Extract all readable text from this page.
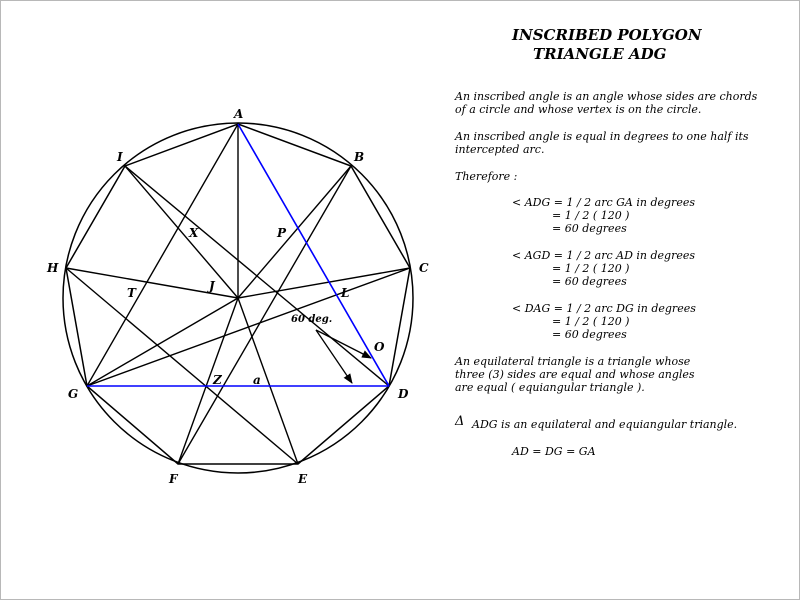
A
B
C
D
E
F
G
H
I
J
X	P
T	L
Z	a
O
60 deg.
INSCRIBED POLYGON
TRIANGLE ADG
An inscribed angle is an angle whose sides are chords
of a circle and whose vertex is on the circle.
An inscribed angle is equal in degrees to one half its
intercepted arc.
Therefore :
< ADG = 1 / 2 arc GA in degrees
= 1 / 2 ( 120 )
= 60 degrees
< AGD = 1 / 2 arc AD in degrees
= 1 / 2 ( 120 )
= 60 degrees
< DAG = 1 / 2 arc DG in degrees
= 1 / 2 ( 120 )
= 60 degrees
An equilateral triangle is a triangle whose
three (3) sides are equal and whose angles
are equal ( equiangular triangle ).
Δ ADG is an equilateral and equiangular triangle.
AD = DG = GA
